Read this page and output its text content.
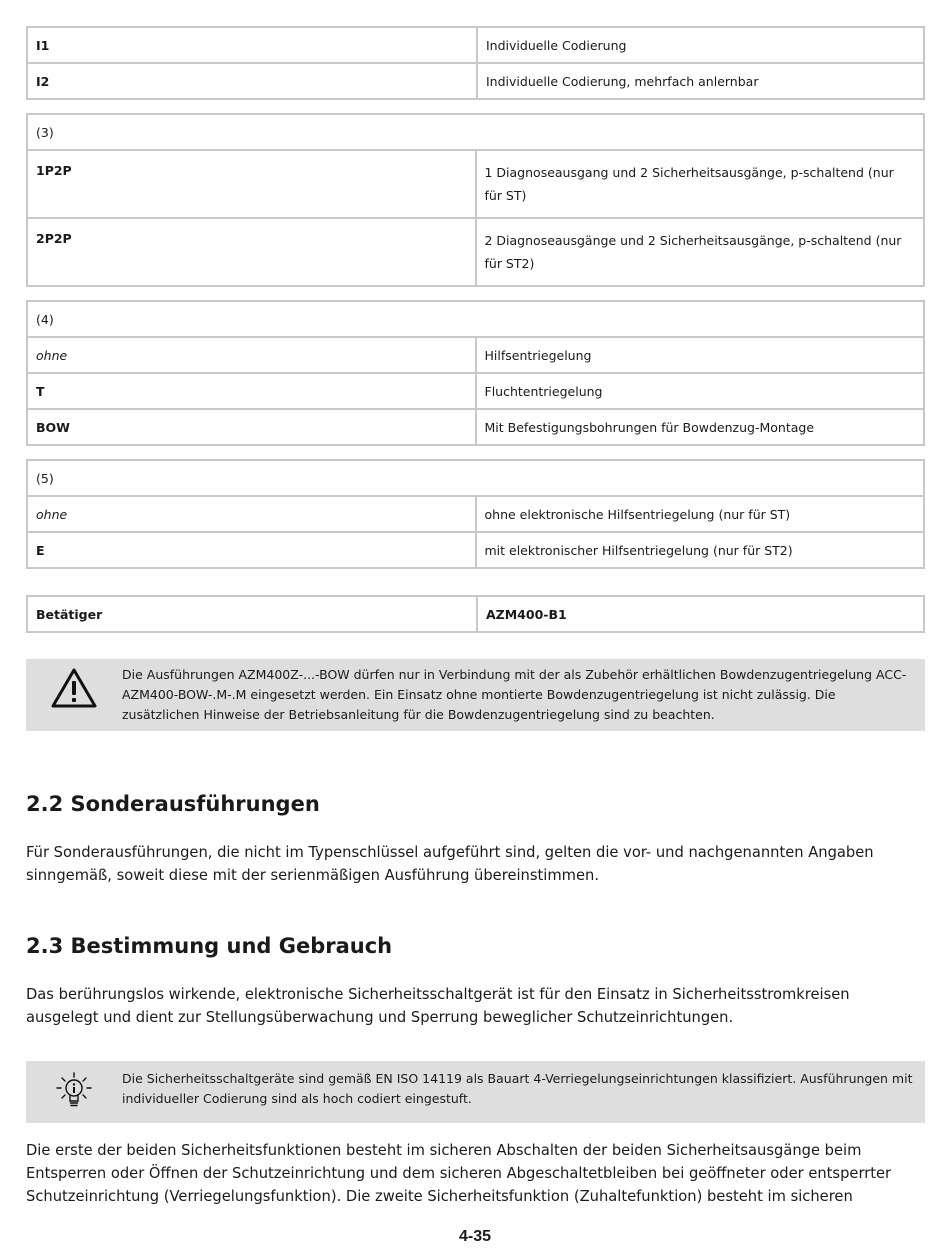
I1	Individuelle Codierung
I2	Individuelle Codierung, mehrfach anlernbar
(3)	
1P2P	1 Diagnoseausgang und 2 Sicherheitsausgänge, p-schaltend (nur für ST)
2P2P	2 Diagnoseausgänge und 2 Sicherheitsausgänge, p-schaltend (nur für ST2)
(4)	
ohne	Hilfsentriegelung
T	Fluchtentriegelung
BOW	Mit Befestigungsbohrungen für Bowdenzug-Montage
(5)	
ohne	ohne elektronische Hilfsentriegelung (nur für ST)
E	mit elektronischer Hilfsentriegelung (nur für ST2)
Betätiger	AZM400-B1
Die Ausführungen AZM400Z-...-BOW dürfen nur in Verbindung mit der als Zubehör erhältlichen Bowdenzugentriegelung ACC-AZM400-BOW-.M-.M eingesetzt werden. Ein Einsatz ohne montierte Bowdenzugentriegelung ist nicht zulässig. Die zusätzlichen Hinweise der Betriebsanleitung für die Bowdenzugentriegelung sind zu beachten.
2.2 Sonderausführungen

Für Sonderausführungen, die nicht im Typenschlüssel aufgeführt sind, gelten die vor- und nachgenannten Angaben sinngemäß, soweit diese mit der serienmäßigen Ausführung übereinstimmen.

2.3 Bestimmung und Gebrauch

Das berührungslos wirkende, elektronische Sicherheitsschaltgerät ist für den Einsatz in Sicherheitsstromkreisen ausgelegt und dient zur Stellungsüberwachung und Sperrung beweglicher Schutzeinrichtungen.

Die Sicherheitsschaltgeräte sind gemäß EN ISO 14119 als Bauart 4-Verriegelungseinrichtungen klassifiziert. Ausführungen mit individueller Codierung sind als hoch codiert eingestuft.

Die erste der beiden Sicherheitsfunktionen besteht im sicheren Abschalten der beiden Sicherheitsausgänge beim Entsperren oder Öffnen der Schutzeinrichtung und dem sicheren Abgeschaltetbleiben bei geöffneter oder entsperrter Schutzeinrichtung (Verriegelungsfunktion). Die zweite Sicherheitsfunktion (Zuhaltefunktion) besteht im sicheren

4-35
